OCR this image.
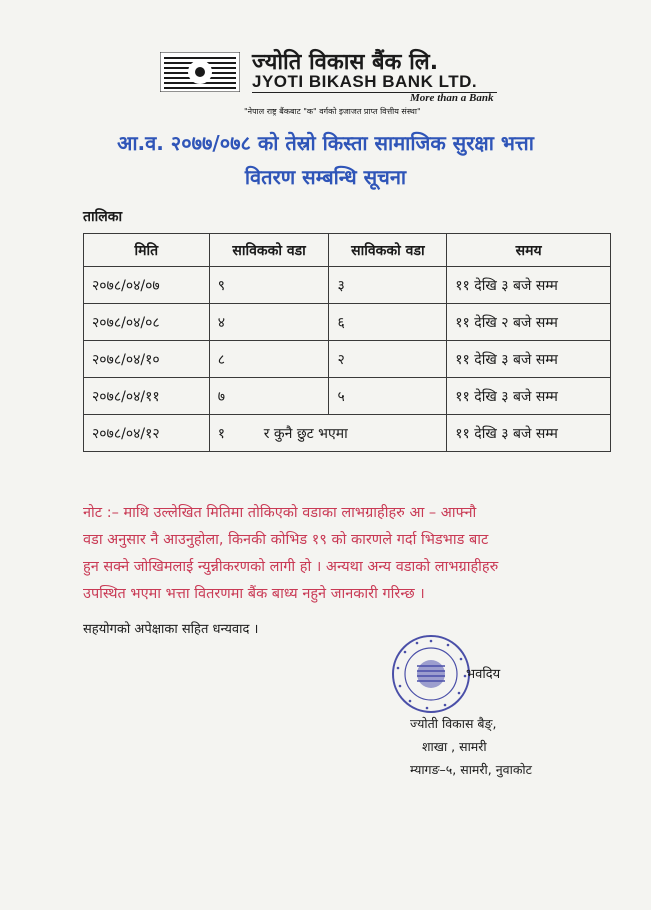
ज्योति विकास बैंक लि.
JYOTI BIKASH BANK LTD.
More than a Bank
"नेपाल राष्ट्र बैंकबाट "क" वर्गको इजाजत प्राप्त वित्तीय संस्था"
आ.व. २०७७/०७८ को तेस्रो किस्ता सामाजिक सुरक्षा भत्ता
वितरण सम्बन्धि सूचना
तालिका
मिति	साविकको वडा	साविकको वडा	समय
२०७८/०४/०७	९	३	११ देखि ३ बजे सम्म
२०७८/०४/०८	४	६	११ देखि २ बजे सम्म
२०७८/०४/१०	८	२	११ देखि ३ बजे सम्म
२०७८/०४/११	७	५	११ देखि ३ बजे सम्म
२०७८/०४/१२	१ र कुनै छुट भएमा		११ देखि ३ बजे सम्म

नोट :– माथि उल्लेखित मितिमा तोकिएको वडाका लाभग्राहीहरु आ – आफ्नौ

वडा अनुसार नै आउनुहोला, किनकी कोभिड १९ को कारणले गर्दा भिडभाड बाट

हुन सक्ने जोखिमलाई न्युन्नीकरणको लागी हो । अन्यथा अन्य वडाको लाभग्राहीहरु

उपस्थित भएमा भत्ता वितरणमा बैंक बाध्य नहुने जानकारी गरिन्छ ।

सहयोगको अपेक्षाका सहित धन्यवाद ।
भवदिय
ज्योती विकास बैङ्,
शाखा , सामरी
म्यागङ–५, सामरी, नुवाकोट
